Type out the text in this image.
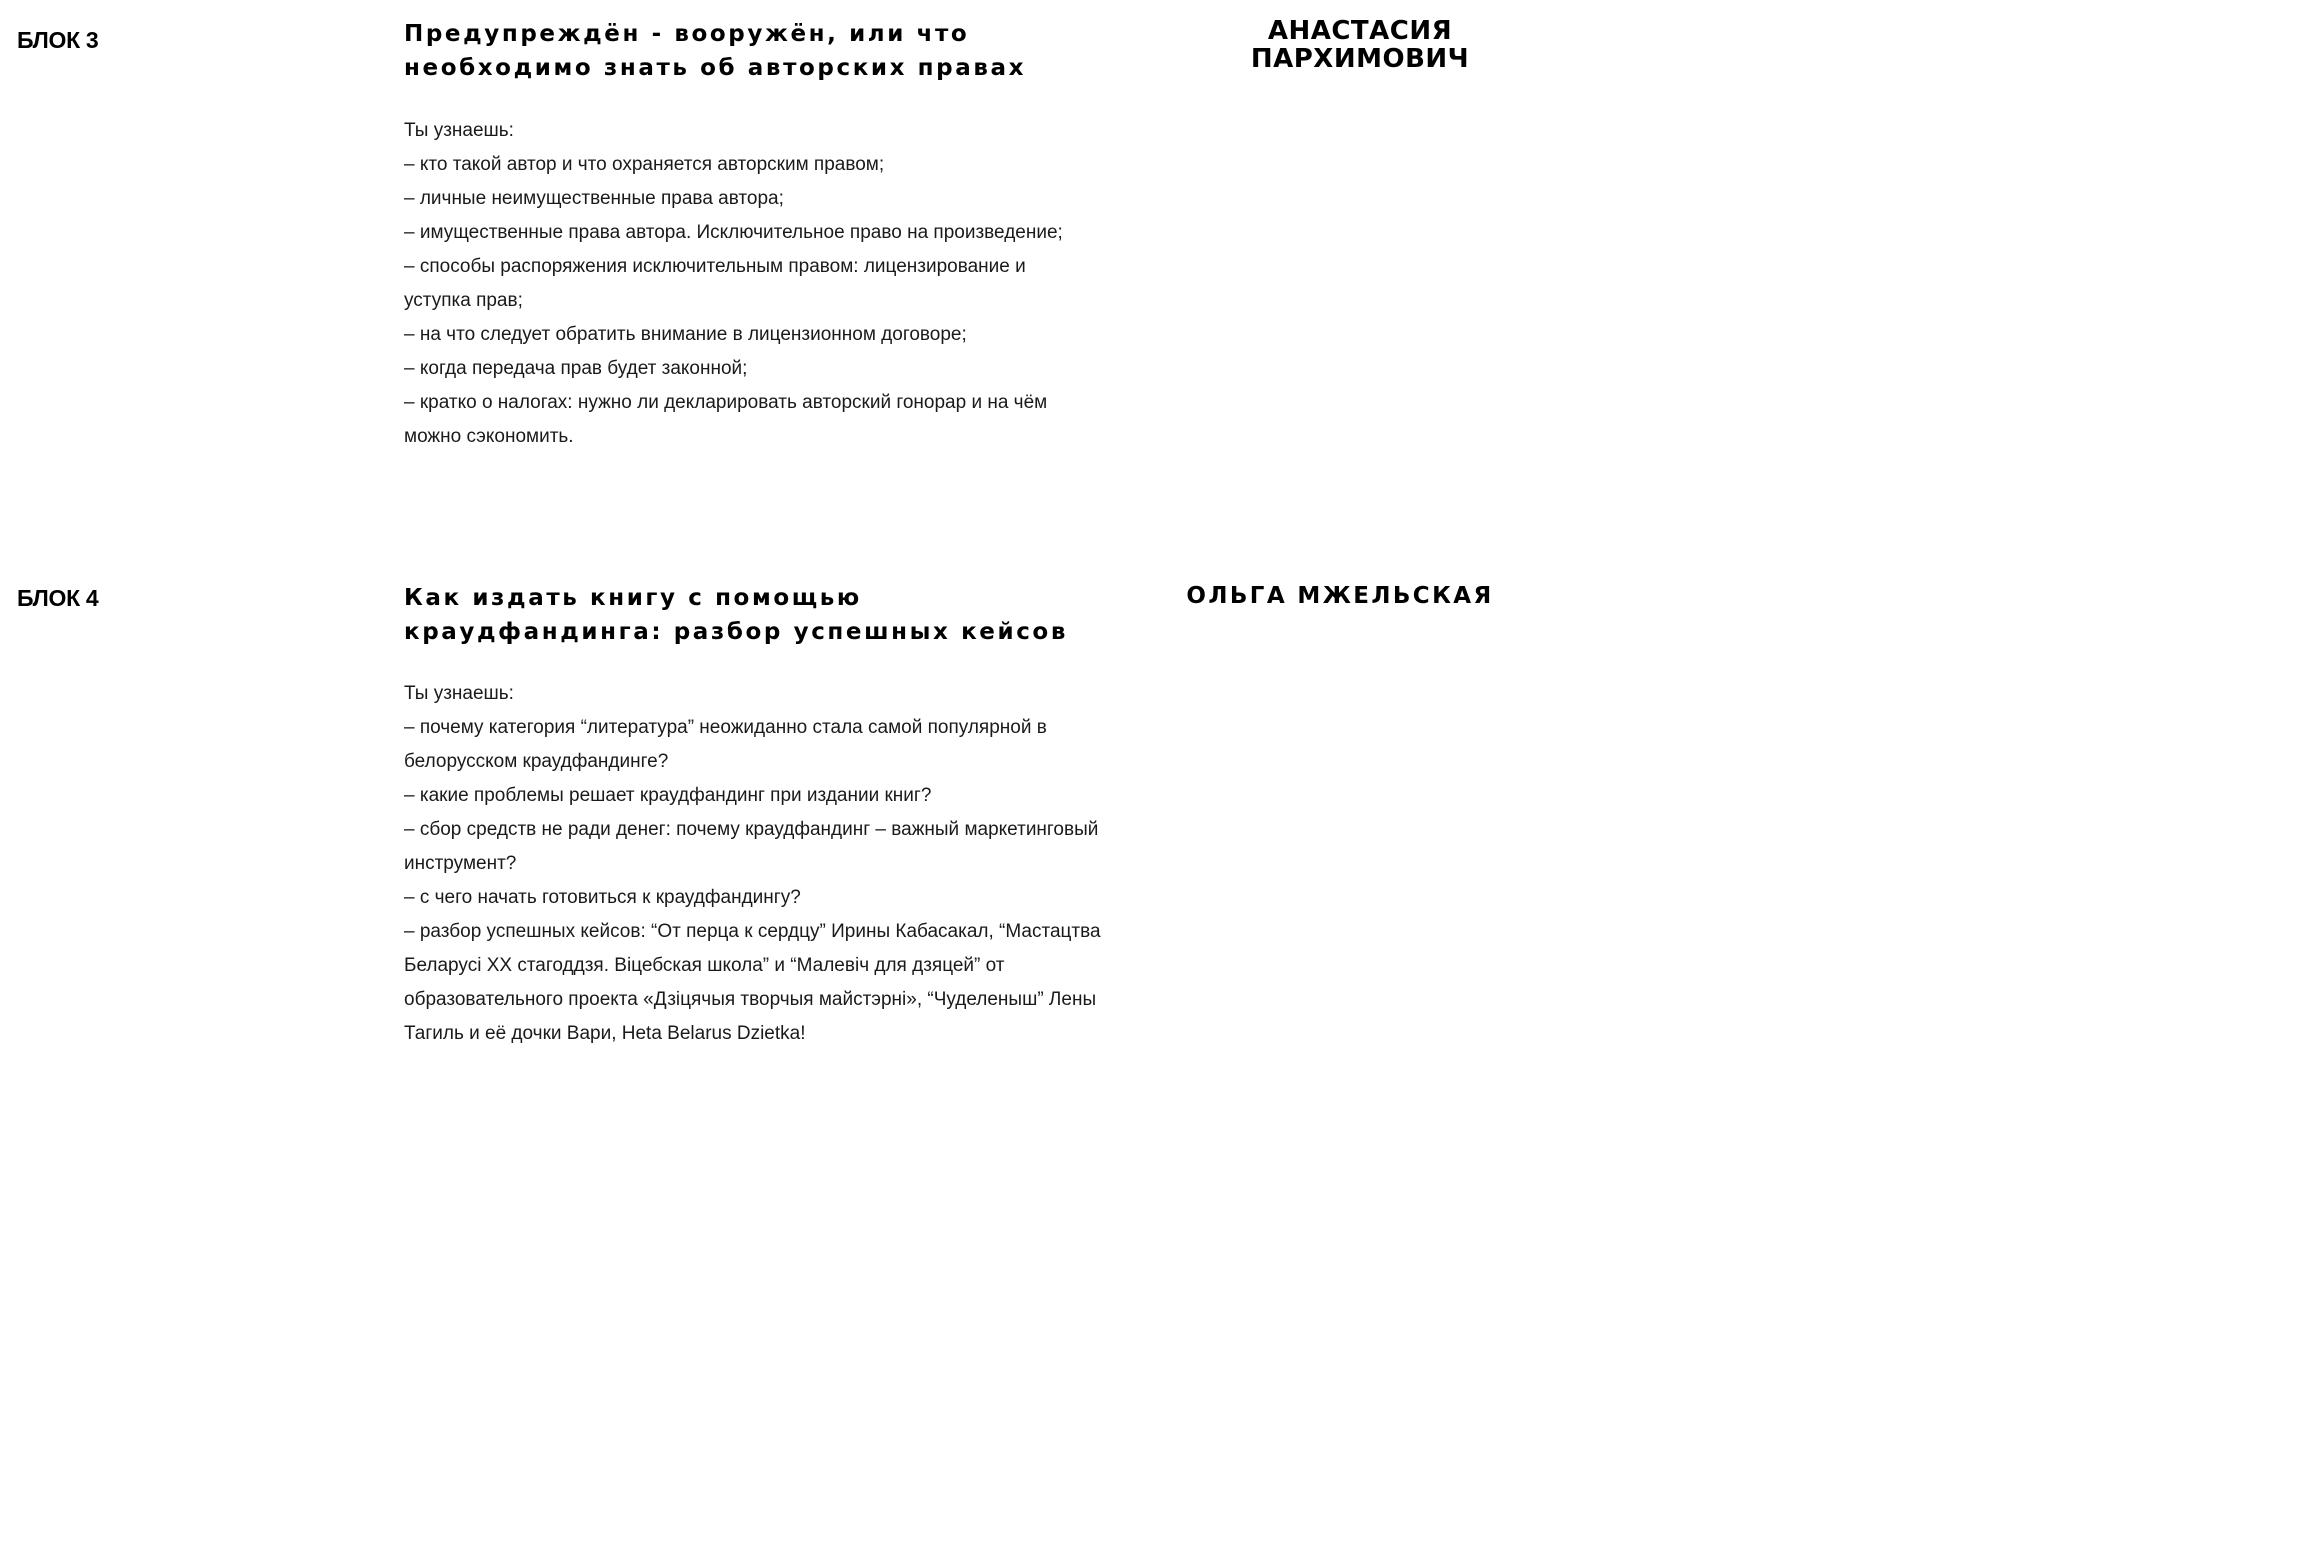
БЛОК 3	Предупреждён - вооружён, или что
необходимо знать об авторских правах
АНАСТАСИЯ
ПАРХИМОВИЧ
Ты узнаешь:
– кто такой автор и что охраняется авторским правом;
– личные неимущественные права автора;
– имущественные права автора. Исключительное право на произведение;
– способы распоряжения исключительным правом: лицензирование и
уступка прав;
– на что следует обратить внимание в лицензионном договоре;
– когда передача прав будет законной;
– кратко о налогах: нужно ли декларировать авторский гонорар и на чём
можно сэкономить.
БЛОК 4	Как издать книгу с помощью
краудфандинга: разбор успешных кейсов
ОЛЬГА МЖЕЛЬСКАЯ
Ты узнаешь:
– почему категория “литература” неожиданно стала самой популярной в
белорусском краудфандинге?
– какие проблемы решает краудфандинг при издании книг?
– сбор средств не ради денег: почему краудфандинг – важный маркетинговый
инструмент?
– с чего начать готовиться к краудфандингу?
– разбор успешных кейсов: “От перца к сердцу” Ирины Кабасакал, “Мастацтва
Беларусі XX стагоддзя. Віцебская школа” и “Малевіч для дзяцей” от
образовательного проекта «Дзіцячыя творчыя майстэрні», “Чуделеныш” Лены
Тагиль и её дочки Вари, Heta Belarus Dzietka!
